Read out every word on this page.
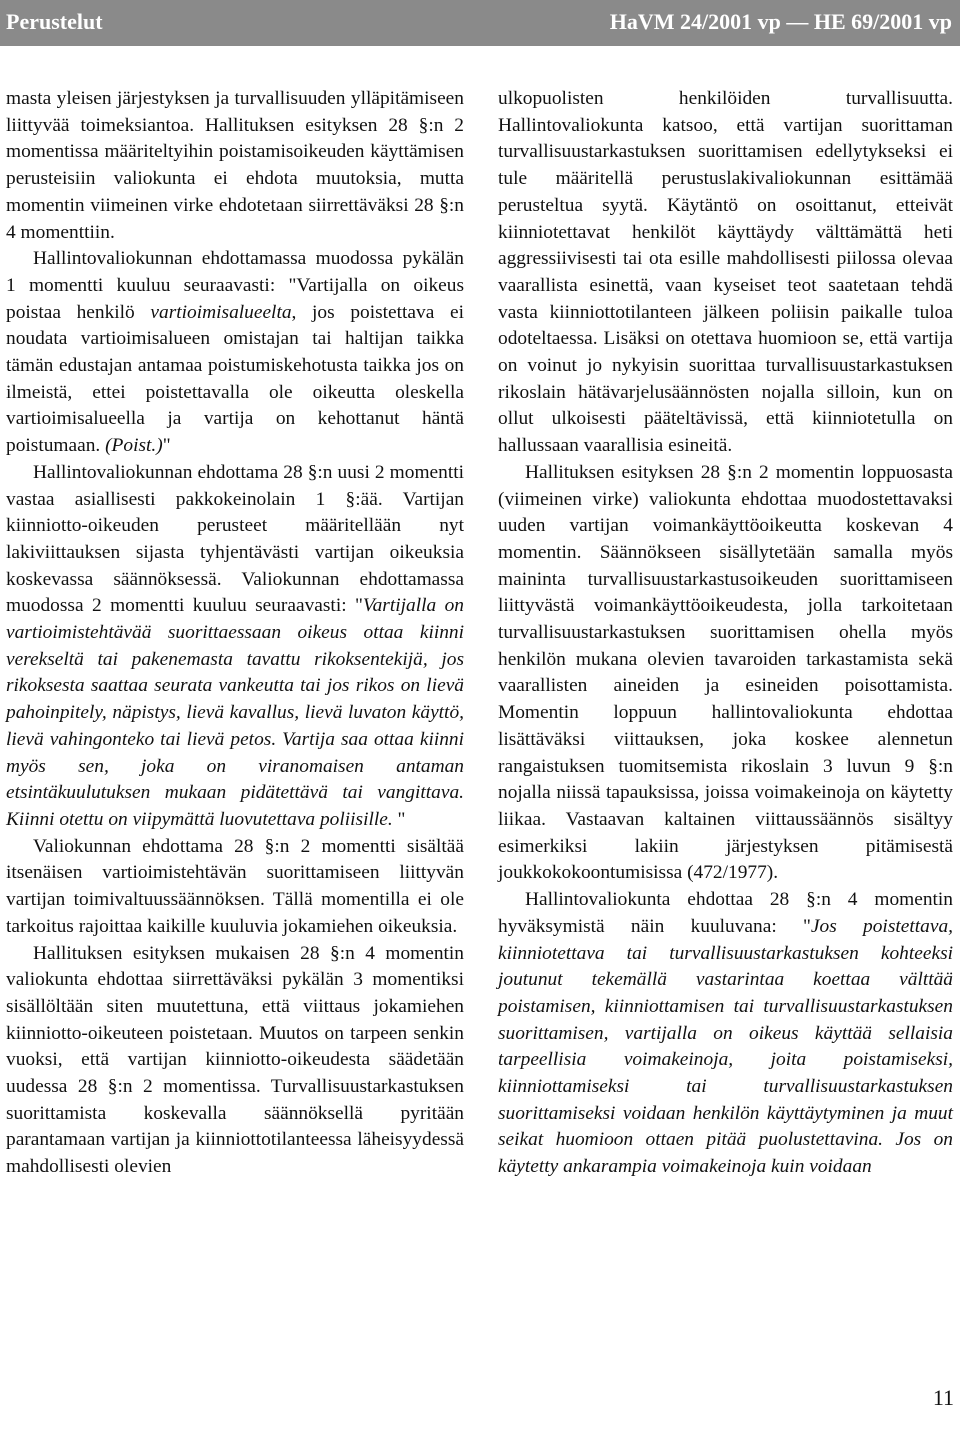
Perustelut	HaVM 24/2001 vp — HE 69/2001 vp

masta yleisen järjestyksen ja turvallisuuden ylläpitämiseen liittyvää toimeksiantoa. Hallituksen esityksen 28 §:n 2 momentissa määriteltyihin poistamisoikeuden käyttämisen perusteisiin valiokunta ei ehdota muutoksia, mutta momentin viimeinen virke ehdotetaan siirrettäväksi 28 §:n 4 momenttiin.

Hallintovaliokunnan ehdottamassa muodossa pykälän 1 momentti kuuluu seuraavasti: "Vartijalla on oikeus poistaa henkilö vartioimisalueelta, jos poistettava ei noudata vartioimisalueen omistajan tai haltijan taikka tämän edustajan antamaa poistumiskehotusta taikka jos on ilmeistä, ettei poistettavalla ole oikeutta oleskella vartioimisalueella ja vartija on kehottanut häntä poistumaan. (Poist.)"

Hallintovaliokunnan ehdottama 28 §:n uusi 2 momentti vastaa asiallisesti pakkokeinolain 1 §:ää. Vartijan kiinniotto-oikeuden perusteet määritellään nyt lakiviittauksen sijasta tyhjentävästi vartijan oikeuksia koskevassa säännöksessä. Valiokunnan ehdottamassa muodossa 2 momentti kuuluu seuraavasti: "Vartijalla on vartioimistehtävää suorittaessaan oikeus ottaa kiinni verekseltä tai pakenemasta tavattu rikoksentekijä, jos rikoksesta saattaa seurata vankeutta tai jos rikos on lievä pahoinpitely, näpistys, lievä kavallus, lievä luvaton käyttö, lievä vahingonteko tai lievä petos. Vartija saa ottaa kiinni myös sen, joka on viranomaisen antaman etsintäkuulutuksen mukaan pidätettävä tai vangittava. Kiinni otettu on viipymättä luovutettava poliisille. "

Valiokunnan ehdottama 28 §:n 2 momentti sisältää itsenäisen vartioimistehtävän suorittamiseen liittyvän vartijan toimivaltuussäännöksen. Tällä momentilla ei ole tarkoitus rajoittaa kaikille kuuluvia jokamiehen oikeuksia.

Hallituksen esityksen mukaisen 28 §:n 4 momentin valiokunta ehdottaa siirrettäväksi pykälän 3 momentiksi sisällöltään siten muutettuna, että viittaus jokamiehen kiinniotto-oikeuteen poistetaan. Muutos on tarpeen senkin vuoksi, että vartijan kiinniotto-oikeudesta säädetään uudessa 28 §:n 2 momentissa. Turvallisuustarkastuksen suorittamista koskevalla säännöksellä pyritään parantamaan vartijan ja kiinniottotilanteessa läheisyydessä mahdollisesti olevien

ulkopuolisten henkilöiden turvallisuutta. Hallintovaliokunta katsoo, että vartijan suorittaman turvallisuustarkastuksen suorittamisen edellytykseksi ei tule määritellä perustuslakivaliokunnan esittämää perusteltua syytä. Käytäntö on osoittanut, etteivät kiinniotettavat henkilöt käyttäydy välttämättä heti aggressiivisesti tai ota esille mahdollisesti piilossa olevaa vaarallista esinettä, vaan kyseiset teot saatetaan tehdä vasta kiinniottotilanteen jälkeen poliisin paikalle tuloa odoteltaessa. Lisäksi on otettava huomioon se, että vartija on voinut jo nykyisin suorittaa turvallisuustarkastuksen rikoslain hätävarjelusäännösten nojalla silloin, kun on ollut ulkoisesti pääteltävissä, että kiinniotetulla on hallussaan vaarallisia esineitä.

Hallituksen esityksen 28 §:n 2 momentin loppuosasta (viimeinen virke) valiokunta ehdottaa muodostettavaksi uuden vartijan voimankäyttöoikeutta koskevan 4 momentin. Säännökseen sisällytetään samalla myös maininta turvallisuustarkastusoikeuden suorittamiseen liittyvästä voimankäyttöoikeudesta, jolla tarkoitetaan turvallisuustarkastuksen suorittamisen ohella myös henkilön mukana olevien tavaroiden tarkastamista sekä vaarallisten aineiden ja esineiden poisottamista. Momentin loppuun hallintovaliokunta ehdottaa lisättäväksi viittauksen, joka koskee alennetun rangaistuksen tuomitsemista rikoslain 3 luvun 9 §:n nojalla niissä tapauksissa, joissa voimakeinoja on käytetty liikaa. Vastaavan kaltainen viittaussäännös sisältyy esimerkiksi lakiin järjestyksen pitämisestä joukkokokoontumisissa (472/1977).

Hallintovaliokunta ehdottaa 28 §:n 4 momentin hyväksymistä näin kuuluvana: "Jos poistettava, kiinniotettava tai turvallisuustarkastuksen kohteeksi joutunut tekemällä vastarintaa koettaa välttää poistamisen, kiinniottamisen tai turvallisuustarkastuksen suorittamisen, vartijalla on oikeus käyttää sellaisia tarpeellisia voimakeinoja, joita poistamiseksi, kiinniottamiseksi tai turvallisuustarkastuksen suorittamiseksi voidaan henkilön käyttäytyminen ja muut seikat huomioon ottaen pitää puolustettavina. Jos on käytetty ankarampia voimakeinoja kuin voidaan

11
